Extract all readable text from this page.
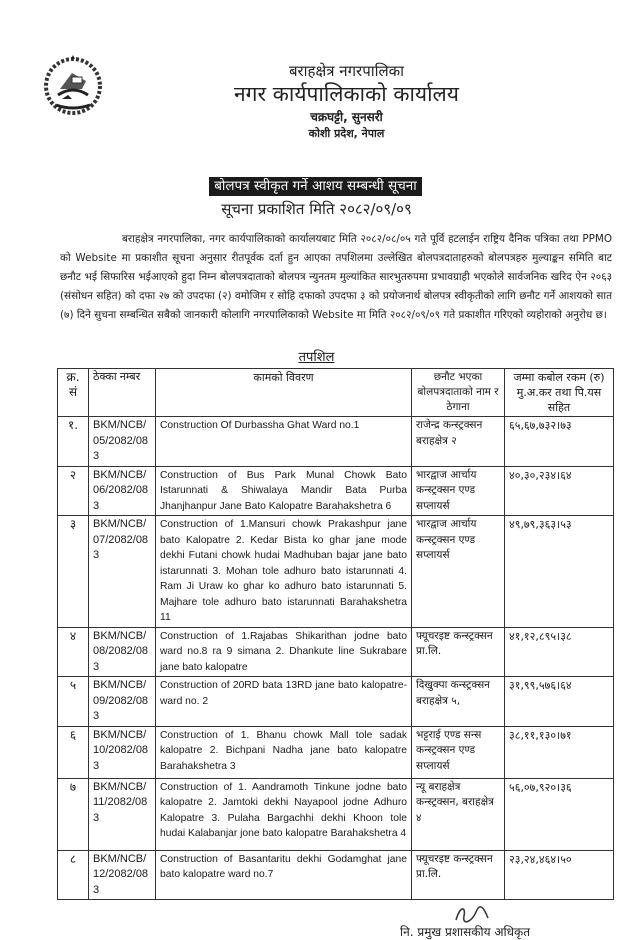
बराहक्षेत्र नगरपालिका
नगर कार्यपालिकाको कार्यालय
चक्रघट्टी, सुनसरी
कोशी प्रदेश, नेपाल
बोलपत्र स्वीकृत गर्ने आशय सम्बन्धी सूचना
सूचना प्रकाशित मिति २०८२/०९/०९
बराहक्षेत्र नगरपालिका, नगर कार्यपालिकाको कार्यालयबाट मिति २०८२/०८/०५ गते पूर्वि हटलाईन राष्ट्रिय दैनिक पत्रिका तथा PPMO को Website मा प्रकाशीत सूचना अनुसार रीतपूर्वक दर्ता हुन आएका तपशिलमा उल्लेखित बोलपत्रदाताहरुको बोलपत्रहरु मुल्याङ्कन समिति बाट छनौट भई सिफारिस भईआएको हुदा निम्न बोलपत्रदाताको बोलपत्र न्युनतम मुल्यांकित सारभुतरुपमा प्रभावग्राही भएकोले सार्वजनिक खरिद ऐन २०६३ (संसोधन सहित) को दफा २७ को उपदफा (२) वमोजिम र सोहि दफाको उपदफा ३ को प्रयोजनार्थ बोलपत्र स्वीकृतीको लागि छनौट गर्ने आशयको सात (७) दिने सुचना सम्बन्धित सबैको जानकारी कोलागि नगरपालिकाको Website मा मिति २०८२/०९/०९ गते प्रकाशीत गरिएको व्यहोराको अनुरोध छ।
तपशिल
क्र. सं	ठेक्का नम्बर	कामको विवरण	छनौट भएका बोलपत्रदाताको नाम र ठेगाना	जम्मा कबोल रकम (रु) मु.अ.कर तथा पि.यस सहित
१.	BKM/NCB/05/2082/083	Construction Of Durbassha Ghat Ward no.1	राजेन्द्र कन्स्ट्रक्सन बराहक्षेत्र २	६५,६७,७३२।७३
२	BKM/NCB/06/2082/083	Construction of Bus Park Munal Chowk Bato Istarunnati & Shiwalaya Mandir Bata Purba Jhanjhanpur Jane Bato Kalopatre Barahakshetra 6	भारद्वाज आर्चाय कन्स्ट्रक्सन एण्ड सप्लायर्स	४०,३०,२३४।६४
३	BKM/NCB/07/2082/083	Construction of 1.Mansuri chowk Prakashpur jane bato Kalopatre 2. Kedar Bista ko ghar jane mode dekhi Futani chowk hudai Madhuban bajar jane bato istarunnati 3. Mohan tole adhuro bato istarunnati 4. Ram Ji Uraw ko ghar ko adhuro bato istarunnati 5. Majhare tole adhuro bato istarunnati Barahakshetra 11	भारद्वाज आर्चाय कन्स्ट्रक्सन एण्ड सप्लायर्स	४९,७९,३६३।५३
४	BKM/NCB/08/2082/083	Construction of 1.Rajabas Shikarithan jodne bato ward no.8 ra 9 simana 2. Dhankute line Sukrabare jane bato kalopatre	फ्यूचरइष्ट कन्स्ट्रक्सन प्रा.लि.	४१,१२,८९५।३८
५	BKM/NCB/09/2082/083	Construction of 20RD bata 13RD jane bato kalopatre-ward no. 2	दिखुक्पा कन्स्ट्रक्सन बराहक्षेत्र ५,	३१,९९,५७६।६४
६	BKM/NCB/10/2082/083	Construction of 1. Bhanu chowk Mall tole sadak kalopatre 2. Bichpani Nadha jane bato kalopatre Barahakshetra 3	भट्टराई एण्ड सन्स कन्स्ट्रक्सन एण्ड सप्लायर्स	३८,११,१३०।७१
७	BKM/NCB/11/2082/083	Construction of 1. Aandramoth Tinkune jodne bato kalopatre 2. Jamtoki dekhi Nayapool jodne Adhuro Kalopatre 3. Pulaha Bargachhi dekhi Khoon tole hudai Kalabanjar jone bato kalopatre Barahakshetra 4	न्यू बराहक्षेत्र कन्स्ट्रक्सन, बराहक्षेत्र ४	५६,०७,९२०।३६
८	BKM/NCB/12/2082/083	Construction of Basantaritu dekhi Godamghat jane bato kalopatre ward no.7	फ्यूचरइष्ट कन्स्ट्रक्सन प्रा.लि.	२३,२४,४६४।५०
नि. प्रमुख प्रशासकीय अधिकृत
